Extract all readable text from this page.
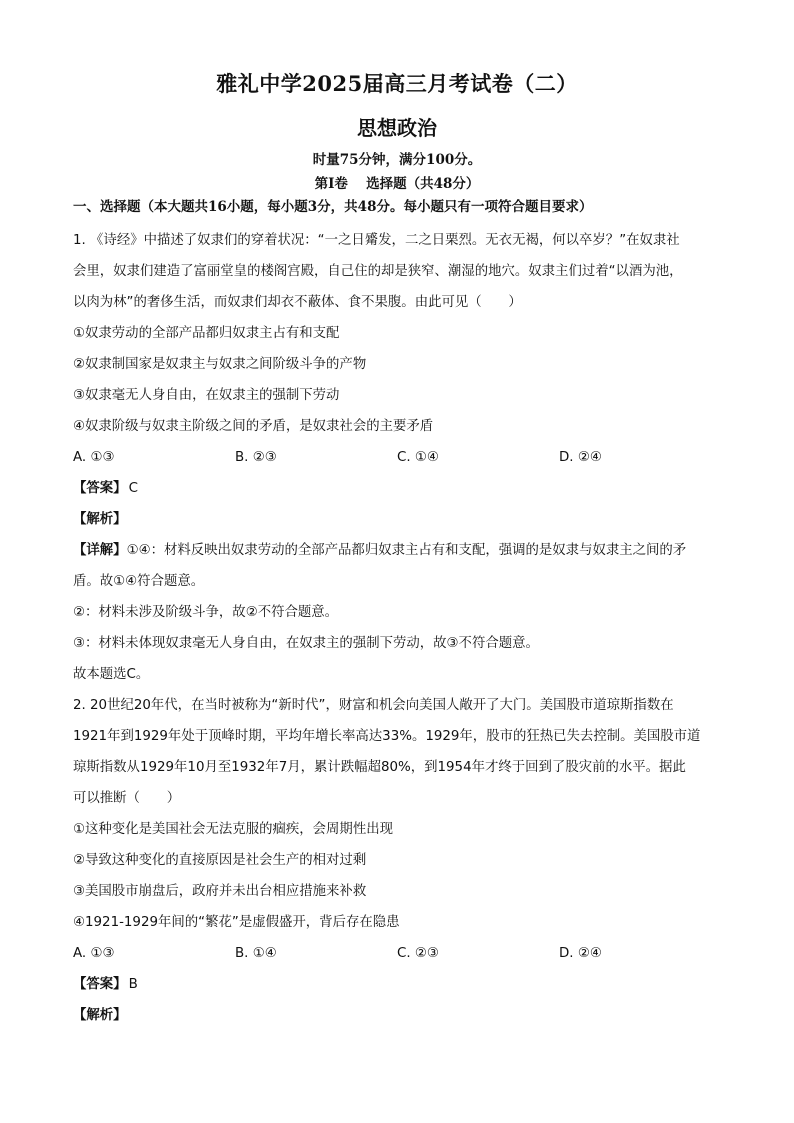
雅礼中学2025届高三月考试卷（二）
思想政治
时量75分钟，满分100分。
第Ⅰ卷　 选择题（共48分）
一、选择题（本大题共16小题，每小题3分，共48分。每小题只有一项符合题目要求）
1. 《诗经》中描述了奴隶们的穿着状况：“一之日觱发，二之日栗烈。无衣无褐，何以卒岁？”在奴隶社
会里，奴隶们建造了富丽堂皇的楼阁宫殿，自己住的却是狭窄、潮湿的地穴。奴隶主们过着“以酒为池，
以肉为林”的奢侈生活，而奴隶们却衣不蔽体、食不果腹。由此可见（　　）
①奴隶劳动的全部产品都归奴隶主占有和支配
②奴隶制国家是奴隶主与奴隶之间阶级斗争的产物
③奴隶毫无人身自由，在奴隶主的强制下劳动
④奴隶阶级与奴隶主阶级之间的矛盾，是奴隶社会的主要矛盾
A. ①③	B. ②③	C. ①④	D. ②④
【答案】 C
【解析】
【详解】①④：材料反映出奴隶劳动的全部产品都归奴隶主占有和支配，强调的是奴隶与奴隶主之间的矛
盾。故①④符合题意。
②：材料未涉及阶级斗争，故②不符合题意。
③：材料未体现奴隶毫无人身自由，在奴隶主的强制下劳动，故③不符合题意。
故本题选C。
2. 20世纪20年代，在当时被称为“新时代”，财富和机会向美国人敞开了大门。美国股市道琼斯指数在
1921年到1929年处于顶峰时期，平均年增长率高达33%。1929年，股市的狂热已失去控制。美国股市道
琼斯指数从1929年10月至1932年7月，累计跌幅超80%，到1954年才终于回到了股灾前的水平。据此
可以推断（　　）
①这种变化是美国社会无法克服的痼疾，会周期性出现
②导致这种变化的直接原因是社会生产的相对过剩
③美国股市崩盘后，政府并未出台相应措施来补救
④1921-1929年间的“繁花”是虚假盛开，背后存在隐患
A. ①③	B. ①④	C. ②③	D. ②④
【答案】 B
【解析】
